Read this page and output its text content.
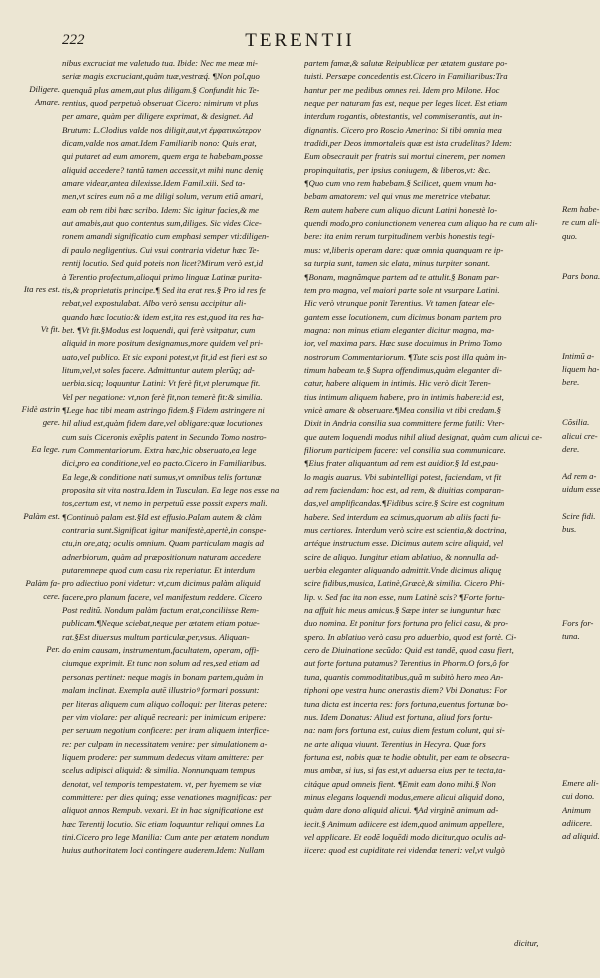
222	TERENTII
nibus excruciat me valetudo tua. Ibide: Nec me meæ mi-
seriæ magis excruciant,quàm tuæ,vestræq́. ¶Non pol,quo
quenquã plus amem,aut plus diligam.§ Confundit hic Te-
rentius, quod perpetuò obseruat Cicero: nimirum vt plus
per amare, quàm per diligere exprimat, & designet. Ad
Brutum: L.Clodius valde nos diligit,aut,vt ἐμφατικώτερον
dicam,valde nos amat.Idem Familiarib nono: Quis erat,
qui putaret ad eum amorem, quem erga te habebam,posse
aliquid accedere? tantũ tamen accessit,vt mihi nunc denię
amare videar,antea dilexisse.Idem Famil.xiii. Sed ta-
men,vt scires eum nõ a me diligi solum, verum etiã amari,
eam ob rem tibi hæc scribo. Idem: Sic igitur facies,& me
aut amabis,aut quo contentus sum,diliges. Sic vides Cice-
ronem amandi significatio cum emphasi semper vti:diligen-
di paulo negligentius. Cui vsui contraria videtur hæc Te-
rentij locutio. Sed quid poteis non licet?Mirum verò est,id
à Terentio profectum,alioqui primo linguæ Latinæ purita-
tis,& proprietatis principe.¶ Sed ita erat res.§ Pro id res fe
rebat,vel expostulabat. Albo verò sensu accipitur ali-
quando hæc locutio:& idem est,ita res est,quod ita res ha-
bet. ¶Vt fit.§Modus est loquendi, qui ferè vsitpatur, cum
aliquid in more positum designamus,more quidem vel pri-
uato,vel publico. Et sic exponi potest,vt fit,id est fieri est so
litum,vel,vt soles facere. Admittuntur autem plerũq; ad-
uerbia.sicq; loquuntur Latini: Vt ferè fit,vt plerumque fit.
Vel per negatione: vt,non ferè fit,non temerè fit:& similia.
¶Lege hac tibi meam astringo fidem.§ Fidem astringere ni
hil aliud est,quàm fidem dare,vel obligare:quæ locutiones
cum suis Ciceronis exēplis patent in Secundo Tomo nostro-
rum Commentariorum. Extra hæc,hic obseruato,ea lege
dici,pro ea conditione,vel eo pacto.Cicero in Familiaribus.
Ea lege,& conditione nati sumus,vt omnibus telis fortunæ
proposita sit vita nostra.Idem in Tusculan. Ea lege nos esse na
tos,certum est, vt nemo in perpetuũ esse possit expers mali.
¶Continuò palam est.§Id est effusio.Palam autem & clàm
contraria sunt.Significat igitur manifestè,apertè,in conspe-
ctu,in ore,atq; oculis omnium. Quam particulam magis ad
adnerbiorum, quàm ad præpositionum naturam accedere
putaremnepe quod cum casu rix reperiatur. Et interdum
pro adiectiuo poni videtur: vt,cum dicimus palàm aliquid
facere,pro planum facere, vel manifestum reddere. Cicero
Post reditũ. Nondum palàm factum erat,conciliisse Rem-
publicam.¶Neque sciebat,neque per ætatem etiam potue-
rat.§Est diuersus multum particulæ,per,vsus. Aliquan-
do enim causam, instrumentum,facultatem, operam, offi-
ciumque exprimit. Et tunc non solum ad res,sed etiam ad
personas pertinet: neque magis in bonam partem,quàm in
malam inclinat. Exempla autē illustrioꝰ formari possunt:
per literas aliquem cum aliquo colloqui: per literas petere:
per vim violare: per aliquẽ recreari: per inimicum eripere:
per seruum negotium conficere: per iram aliquem interfice-
re: per culpam in necessitatem venire: per simulationem a-
liquem prodere: per summum dedecus vitam amittere: per
scelus adipisci aliquid: & similia. Nonnunquam tempus
denotat, vel temporis tempestatem. vt, per hyemem se viæ
committere: per dies quinq; esse venationes magnificas: per
aliquot annos Rempub. vexari. Et in hac significatione est
hæc Terentij locutio. Sic etiam loquuntur reliqui omnes La
tini.Cicero pro lege Manilia: Cum ante per ætatem nondum
huius authoritatem loci contingere auderem.Idem: Nullam
partem famæ,& salutæ Reipublicæ per ætatem gustare po-
tuisti. Persæpe concedentis est.Cicero in Familiaribus:Tra
hantur per me pedibus omnes rei. Idem pro Milone. Hoc
neque per naturam fas est, neque per leges licet. Est etiam
interdum rogantis, obtestantis, vel commiserantis, aut in-
dignantis. Cicero pro Roscio Amerino: Si tibi omnia mea
tradidi,per Deos immortaleis quæ est ista crudelitas? Idem:
Eum obsecrauit per fratris sui mortui cinerem, per nomen
propinquitatis, per ipsius coniugem, & liberos,vt: &c.
¶Quo cum vno rem habebam.§ Scilicet, quem vnum ha-
bebam amatorem: vel qui vnus me meretrice vtebatur.
Rem autem habere cum aliquo dicunt Latini honestè lo-
quendi modo,pro coniunctionem venerea cum aliquo ha re cum ali-
bere: ita enim rerum turpitudinem verbis honestis tegi-
mus: vt,liberis operam dare: quæ omnia quanquam re ip-
sa turpia sunt, tamen sic elata, minus turpiter sonant.
¶Bonam, magnãmque partem ad te attulit.§ Bonam par-
tem pro magna, vel maiori parte sole nt vsurpare Latini.
Hic verò vtrunque ponit Terentius. Vt tamen fatear ele-
gantem esse locutionem, cum dicimus bonam partem pro
magna: non minus etiam eleganter dicitur magna, ma-
ior, vel maxima pars. Hæc suse docuimus in Primo Tomo
nostrorum Commentariorum. ¶Tute scis post illa quàm in-
timum habeam te.§ Supra offendimus,quàm eleganter di-
catur, habere aliquem in intimis. Hic verò dicit Teren-
tius intimum aliquem habere, pro in intimis habere:id est,
vnicè amare & obseruare.¶Mea consilia vt tibi credam.§
Dixit in Andria consilia sua committere ferme futili: Vter-
que autem loquendi modus nihil aliud designat, quàm cum alicui ce-
filiorum participem facere: vel consilia sua communicare.
¶Eius frater aliquantum ad rem est auidior.§ Id est,pau-
lo magis auarus. Vbi subintelligi potest, faciendam, vt fit
ad rem faciendam: hoc est, ad rem, & diuitias comparan-
das,vel amplificandas.¶Fidibus scire.§ Scire est cognitum
habere. Sed interdum ea scimus,quorum ab aliis facti fu-
mus certiores. Interdum verò scire est scientia,& doctrina,
artéque instructum esse. Dicimus autem scire aliquid, vel
scire de aliquo. Iungitur etiam ablatiuo, & nonnulla ad-
uerbia eleganter aliquando admittit.Vnde dicimus aliquę
scire fidibus,musica, Latinè,Græcè,& similia. Cicero Phi-
lip. v. Sed fac ita non esse, num Latinè scis? ¶Forte fortu-
na affuit hic meus amicus.§ Sæpe inter se iunguntur hæc
duo nomina. Et ponitur fors fortuna pro felici casu, & pro-
spero. In ablatiuo verò casu pro aduerbio, quod est fortè. Ci-
cero de Diuinatione secũdo: Quid est tandẽ, quod casu fiert,
aut forte fortuna putamus? Terentius in Phorm.O fors,ô for
tuna, quantis commoditatibus,quã m subitò hero meo An-
tiphoni ope vestra hunc onerastis diem? Vbi Donatus: For
tuna dicta est incerta res: fors fortuna,euentus fortunæ bo-
nus. Idem Donatus: Aliud est fortuna, aliud fors fortu-
na: nam fors fortuna est, cuius diem festum colunt, qui si-
ne arte aliqua viuunt. Terentius in Hecyra. Quæ fors
fortuna est, nobis quæ te hodie obtulit, per eam te obsecra-
mus ambæ, si ius, si fas est,vt aduersa eius per te tecta,ta-
citáque apud omneis fient. ¶Emit eam dono mihi.§ Non
minus elegans loquendi modus,emere alicui aliquid dono,
quàm dare dono aliquid alicui. ¶Ad virginẽ animum ad-
iecit.§ Animum adiicere est idem,quod animum appellere,
vel applicare. Et eodẽ loquēdi modo dicitur,quo oculis ad-
iicere: quod est cupiditate rei videndæ teneri: vel,vt vulgò
Diligere.
Amare.
Ita res est.
Vt fit.
Fidè astrin
gere.
Ea lege.
Palàm est.
Palàm fa-
cere.
Per.
Rem habe-
re cum ali-
quo.
Pars bona.
Intimũ a-
liquem ha-
bere.
Cõsilia.
alicui cre-
dere.
Ad rem a-
uidum esse
Scire fidi.
bus.
Fors for-
tuna.
Emere ali-
cui dono.
Animum
adiicere.
ad aliquid.
dicitur,
